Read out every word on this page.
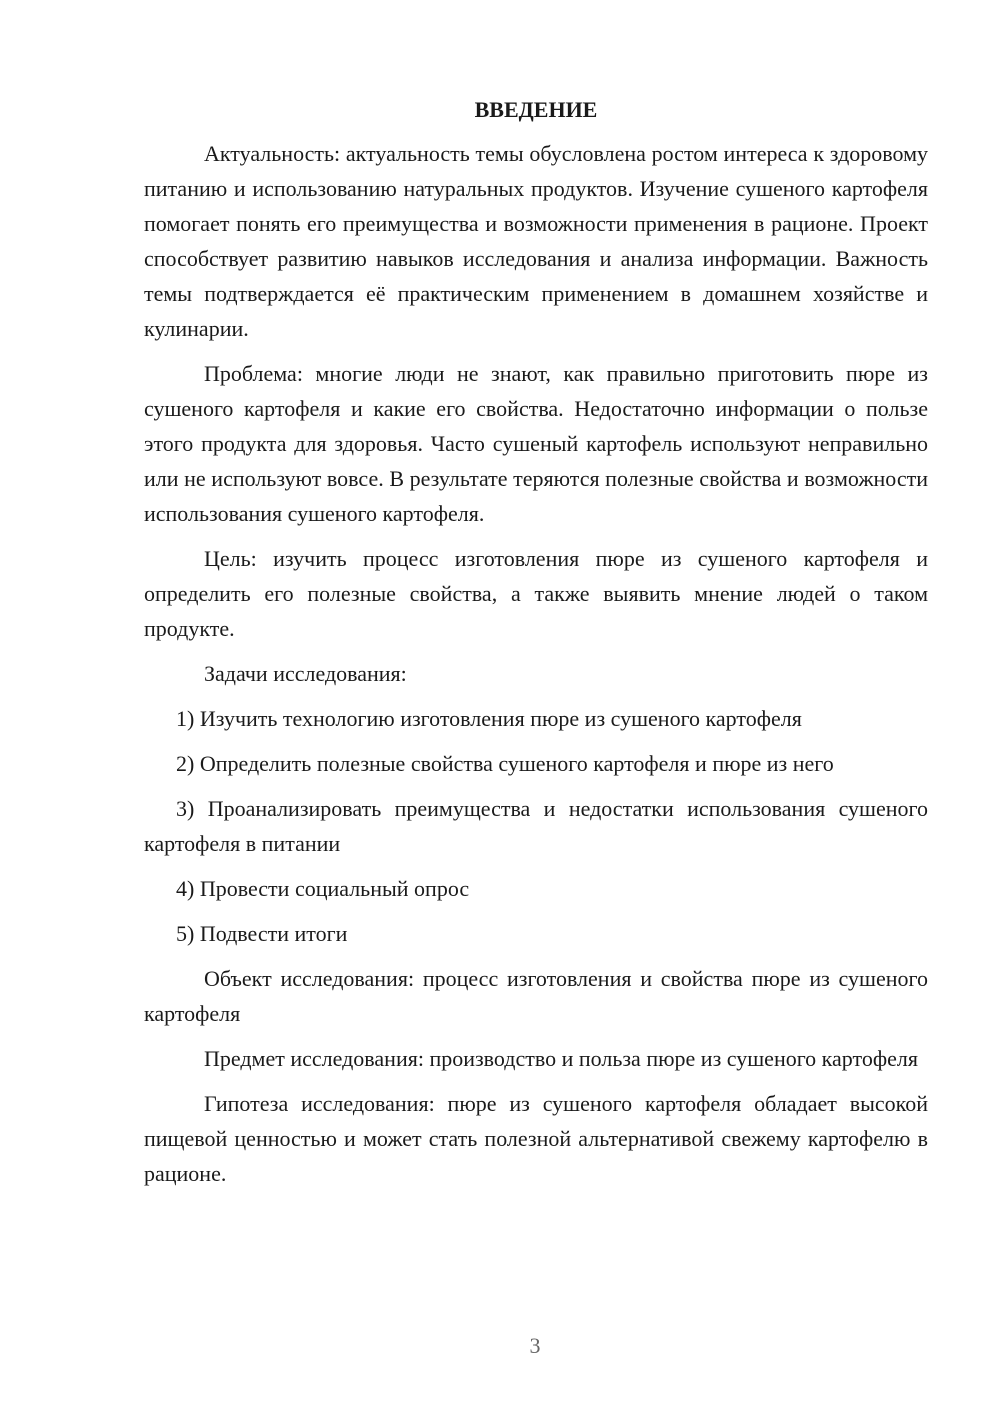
ВВЕДЕНИЕ

Актуальность: актуальность темы обусловлена ростом интереса к здоровому питанию и использованию натуральных продуктов. Изучение сушеного картофеля помогает понять его преимущества и возможности применения в рационе. Проект способствует развитию навыков исследования и анализа информации. Важность темы подтверждается её практическим применением в домашнем хозяйстве и кулинарии.

Проблема: многие люди не знают, как правильно приготовить пюре из сушеного картофеля и какие его свойства. Недостаточно информации о пользе этого продукта для здоровья. Часто сушеный картофель используют неправильно или не используют вовсе. В результате теряются полезные свойства и возможности использования сушеного картофеля.

Цель: изучить процесс изготовления пюре из сушеного картофеля и определить его полезные свойства, а также выявить мнение людей о таком продукте.

Задачи исследования:

1) Изучить технологию изготовления пюре из сушеного картофеля

2) Определить полезные свойства сушеного картофеля и пюре из него

3) Проанализировать преимущества и недостатки использования сушеного картофеля в питании

4) Провести социальный опрос

5) Подвести итоги

Объект исследования: процесс изготовления и свойства пюре из сушеного картофеля

Предмет исследования: производство и польза пюре из сушеного картофеля

Гипотеза исследования: пюре из сушеного картофеля обладает высокой пищевой ценностью и может стать полезной альтернативой свежему картофелю в рационе.

3
